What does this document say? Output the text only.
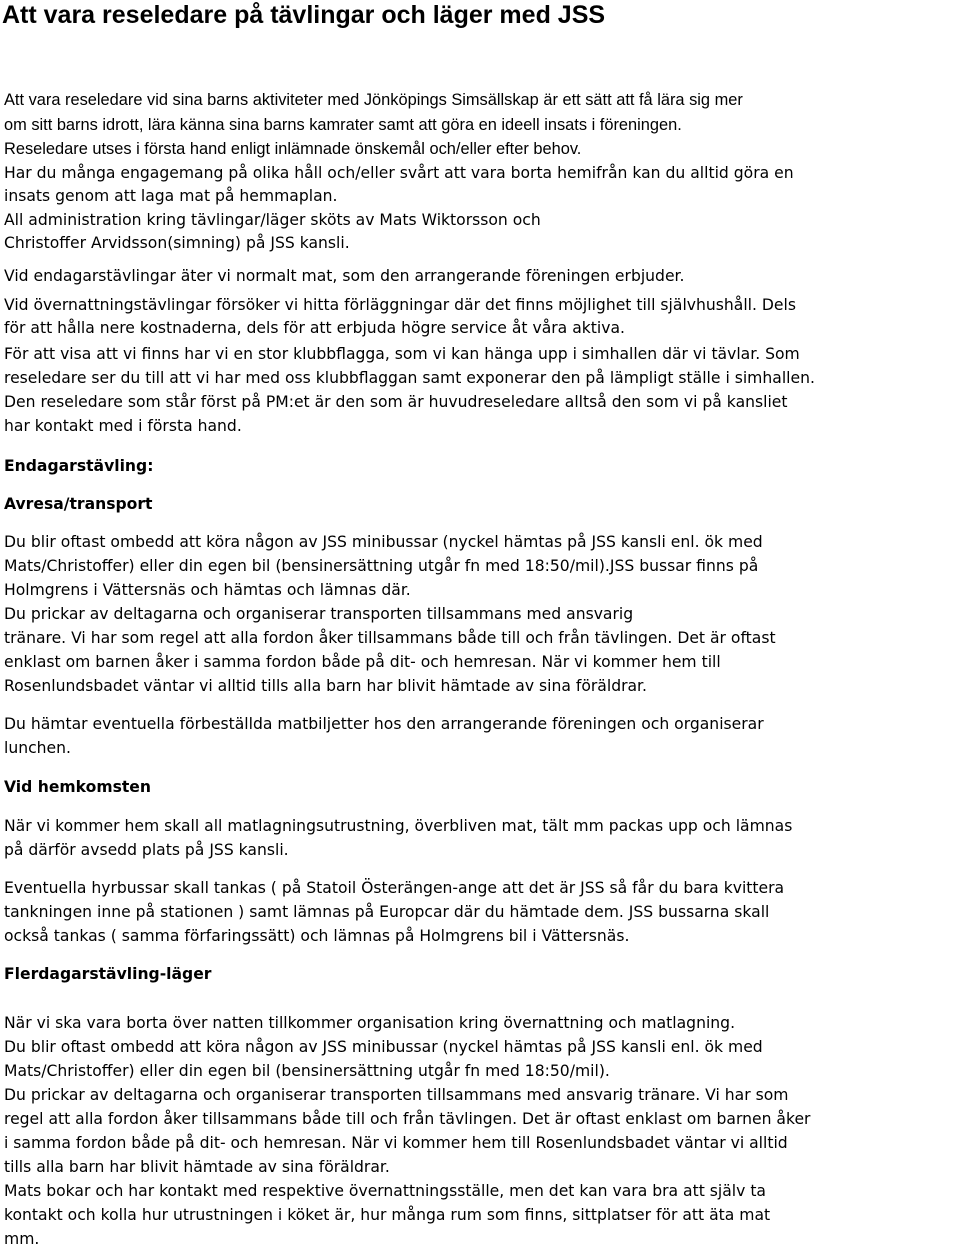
Att vara reseledare på tävlingar och läger med JSS

Att vara reseledare vid sina barns aktiviteter med Jönköpings Simsällskap är ett sätt att få lära sig mer

om sitt barns idrott, lära känna sina barns kamrater samt att göra en ideell insats i föreningen.

Reseledare utses i första hand enligt inlämnade önskemål och/eller efter behov.

Har du många engagemang på olika håll och/eller svårt att vara borta hemifrån kan du alltid göra en

insats genom att laga mat på hemmaplan.

All administration kring tävlingar/läger sköts av Mats Wiktorsson och

Christoffer Arvidsson(simning) på JSS kansli.

Vid endagarstävlingar äter vi normalt mat, som den arrangerande föreningen erbjuder.

Vid övernattningstävlingar försöker vi hitta förläggningar där det finns möjlighet till självhushåll. Dels

för att hålla nere kostnaderna, dels för att erbjuda högre service åt våra aktiva.

För att visa att vi finns har vi en stor klubbflagga, som vi kan hänga upp i simhallen där vi tävlar. Som

reseledare ser du till att vi har med oss klubbflaggan samt exponerar den på lämpligt ställe i simhallen.

Den reseledare som står först på PM:et är den som är huvudreseledare alltså den som vi på kansliet

har kontakt med i första hand.

Endagarstävling:

Avresa/transport

Du blir oftast ombedd att köra någon av JSS minibussar (nyckel hämtas på JSS kansli enl. ök med

Mats/Christoffer) eller din egen bil (bensinersättning utgår fn med 18:50/mil).JSS bussar finns på

Holmgrens i Vättersnäs och hämtas och lämnas där.

Du prickar av deltagarna och organiserar transporten tillsammans med ansvarig

tränare. Vi har som regel att alla fordon åker tillsammans både till och från tävlingen. Det är oftast

enklast om barnen åker i samma fordon både på dit- och hemresan. När vi kommer hem till

Rosenlundsbadet väntar vi alltid tills alla barn har blivit hämtade av sina föräldrar.

Du hämtar eventuella förbeställda matbiljetter hos den arrangerande föreningen och organiserar

lunchen.

Vid hemkomsten

När vi kommer hem skall all matlagningsutrustning, överbliven mat, tält mm packas upp och lämnas

på därför avsedd plats på JSS kansli.

Eventuella hyrbussar skall tankas ( på Statoil Österängen-ange att det är JSS så får du bara kvittera

tankningen inne på stationen ) samt lämnas på Europcar där du hämtade dem. JSS bussarna skall

också tankas ( samma förfaringssätt) och lämnas på Holmgrens bil i Vättersnäs.

Flerdagarstävling-läger

När vi ska vara borta över natten tillkommer organisation kring övernattning och matlagning.

Du blir oftast ombedd att köra någon av JSS minibussar (nyckel hämtas på JSS kansli enl. ök med

Mats/Christoffer) eller din egen bil (bensinersättning utgår fn med 18:50/mil).

Du prickar av deltagarna och organiserar transporten tillsammans med ansvarig tränare. Vi har som

regel att alla fordon åker tillsammans både till och från tävlingen. Det är oftast enklast om barnen åker

i samma fordon både på dit- och hemresan. När vi kommer hem till Rosenlundsbadet väntar vi alltid

tills alla barn har blivit hämtade av sina föräldrar.

Mats bokar och har kontakt med respektive övernattningsställe, men det kan vara bra att själv ta

kontakt och kolla hur utrustningen i köket är, hur många rum som finns, sittplatser för att äta mat

mm.
